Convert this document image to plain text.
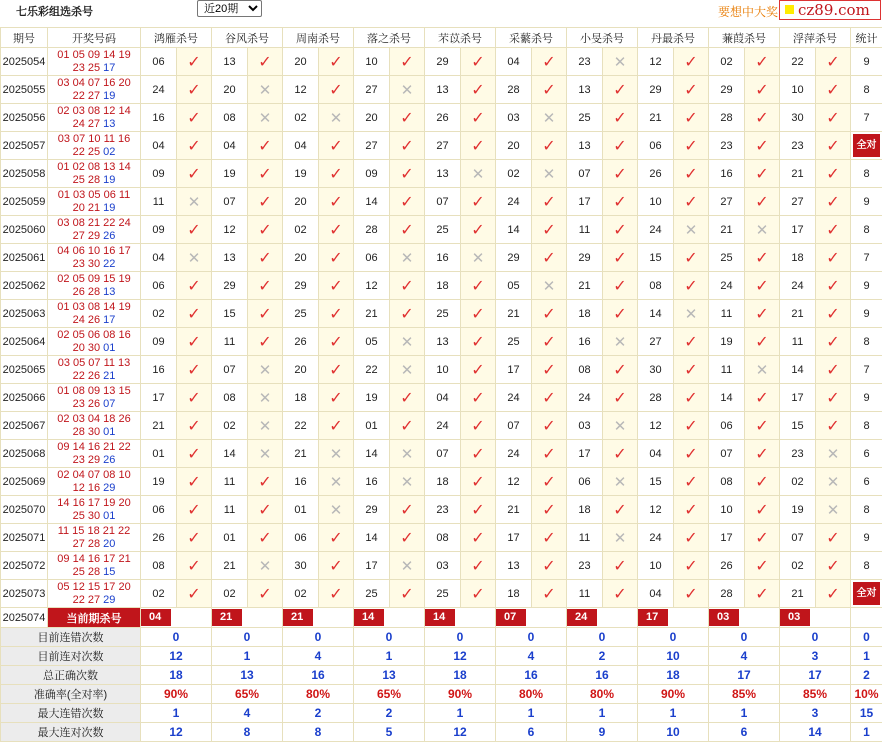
七乐彩组选杀号
近20期	要想中大奖 cz89.com
期号	开奖号码	鸿雁杀号		谷风杀号		周南杀号		落之杀号		芣苡杀号		采蘩杀号		小旻杀号		丹最杀号		蒹葭杀号		浮萍杀号		统计
2025054	01 05 09 14 19
23 25 17	06	✓	13	✓	20	✓	10	✓	29	✓	04	✓	23	✕	12	✓	02	✓	22	✓	9
2025055	03 04 07 16 20
22 27 19	24	✓	20	✕	12	✓	27	✕	13	✓	28	✓	13	✓	29	✓	29	✓	10	✓	8
2025056	02 03 08 12 14
24 27 13	16	✓	08	✕	02	✕	20	✓	26	✓	03	✕	25	✓	21	✓	28	✓	30	✓	7
2025057	03 07 10 11 16
22 25 02	04	✓	04	✓	04	✓	27	✓	27	✓	20	✓	13	✓	06	✓	23	✓	23	✓	全对
2025058	01 02 08 13 14
25 28 19	09	✓	19	✓	19	✓	09	✓	13	✕	02	✕	07	✓	26	✓	16	✓	21	✓	8
2025059	01 03 05 06 11
20 21 19	11	✕	07	✓	20	✓	14	✓	07	✓	24	✓	17	✓	10	✓	27	✓	27	✓	9
2025060	03 08 21 22 24
27 29 26	09	✓	12	✓	02	✓	28	✓	25	✓	14	✓	11	✓	24	✕	21	✕	17	✓	8
2025061	04 06 10 16 17
23 30 22	04	✕	13	✓	20	✓	06	✕	16	✕	29	✓	29	✓	15	✓	25	✓	18	✓	7
2025062	02 05 09 15 19
26 28 13	06	✓	29	✓	29	✓	12	✓	18	✓	05	✕	21	✓	08	✓	24	✓	24	✓	9
2025063	01 03 08 14 19
24 26 17	02	✓	15	✓	25	✓	21	✓	25	✓	21	✓	18	✓	14	✕	11	✓	21	✓	9
2025064	02 05 06 08 16
20 30 01	09	✓	11	✓	26	✓	05	✕	13	✓	25	✓	16	✕	27	✓	19	✓	11	✓	8
2025065	03 05 07 11 13
22 26 21	16	✓	07	✕	20	✓	22	✕	10	✓	17	✓	08	✓	30	✓	11	✕	14	✓	7
2025066	01 08 09 13 15
23 26 07	17	✓	08	✕	18	✓	19	✓	04	✓	24	✓	24	✓	28	✓	14	✓	17	✓	9
2025067	02 03 04 18 26
28 30 01	21	✓	02	✕	22	✓	01	✓	24	✓	07	✓	03	✕	12	✓	06	✓	15	✓	8
2025068	09 14 16 21 22
23 29 26	01	✓	14	✕	21	✕	14	✕	07	✓	24	✓	17	✓	04	✓	07	✓	23	✕	6
2025069	02 04 07 08 10
12 16 29	19	✓	11	✓	16	✕	16	✕	18	✓	12	✓	06	✕	15	✓	08	✓	02	✕	6
2025070	14 16 17 19 20
25 30 01	06	✓	11	✓	01	✕	29	✓	23	✓	21	✓	18	✓	12	✓	10	✓	19	✕	8
2025071	11 15 18 21 22
27 28 20	26	✓	01	✓	06	✓	14	✓	08	✓	17	✓	11	✕	24	✓	17	✓	07	✓	9
2025072	09 14 16 17 21
25 28 15	08	✓	21	✕	30	✓	17	✕	03	✓	13	✓	23	✓	10	✓	26	✓	02	✓	8
2025073	05 12 15 17 20
22 27 29	02	✓	02	✓	02	✓	25	✓	25	✓	18	✓	11	✓	04	✓	28	✓	21	✓	全对
2025074	当前期杀号	04		21		21		14		14		07		24		17		03		03		
目前连错次数		0		0		0		0		0		0		0		0		0		0		0
目前连对次数		12		1		4		1		12		4		2		10		4		3		1
总正确次数		18		13		16		13		18		16		16		18		17		17		2
准确率(全对率)		90%		65%		80%		65%		90%		80%		80%		90%		85%		85%		10%
最大连错次数		1		4		2		2		1		1		1		1		1		3		15
最大连对次数		12		8		8		5		12		6		9		10		6		14		1
